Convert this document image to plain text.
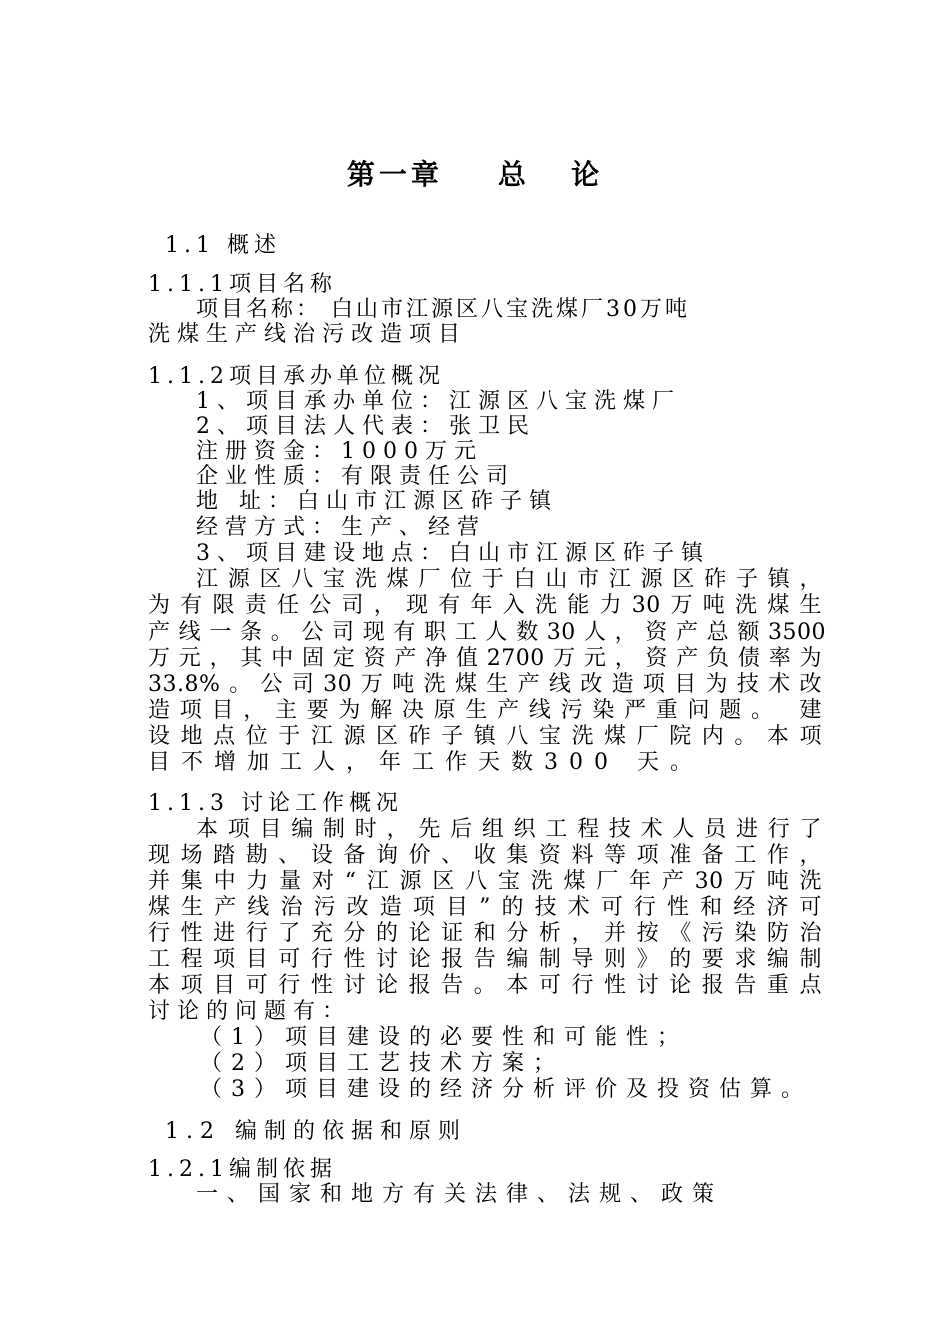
第一章    总   论
1.1 概述
1.1.1项目名称
项目名称： 白山市江源区八宝洗煤厂30万吨
洗煤生产线治污改造项目
1.1.2项目承办单位概况
1、项目承办单位：江源区八宝洗煤厂
2、项目法人代表：张卫民
注册资金：1000万元
企业性质：有限责任公司
地 址：白山市江源区砟子镇
经营方式：生产、经营
3、项目建设地点：白山市江源区砟子镇
江源区八宝洗煤厂位于白山市江源区砟子镇，
为有限责任公司，现有年入洗能力30万吨洗煤生
产线一条。公司现有职工人数30人，资产总额3500
万元，其中固定资产净值2700万元，资产负债率为
33.8%。公司30万吨洗煤生产线改造项目为技术改
造项目，主要为解决原生产线污染严重问题。 建
设地点位于江源区砟子镇八宝洗煤厂院内。本项
目不增加工人，年工作天数300 天。
1.1.3 讨论工作概况
本项目编制时，先后组织工程技术人员进行了
现场踏勘、设备询价、收集资料等项准备工作，
并集中力量对“江源区八宝洗煤厂年产30万吨洗
煤生产线治污改造项目”的技术可行性和经济可
行性进行了充分的论证和分析，并按《污染防治
工程项目可行性讨论报告编制导则》的要求编制
本项目可行性讨论报告。本可行性讨论报告重点
讨论的问题有：
（1）项目建设的必要性和可能性；
（2）项目工艺技术方案；
（3）项目建设的经济分析评价及投资估算。
1.2 编制的依据和原则
1.2.1编制依据
一、国家和地方有关法律、法规、政策
